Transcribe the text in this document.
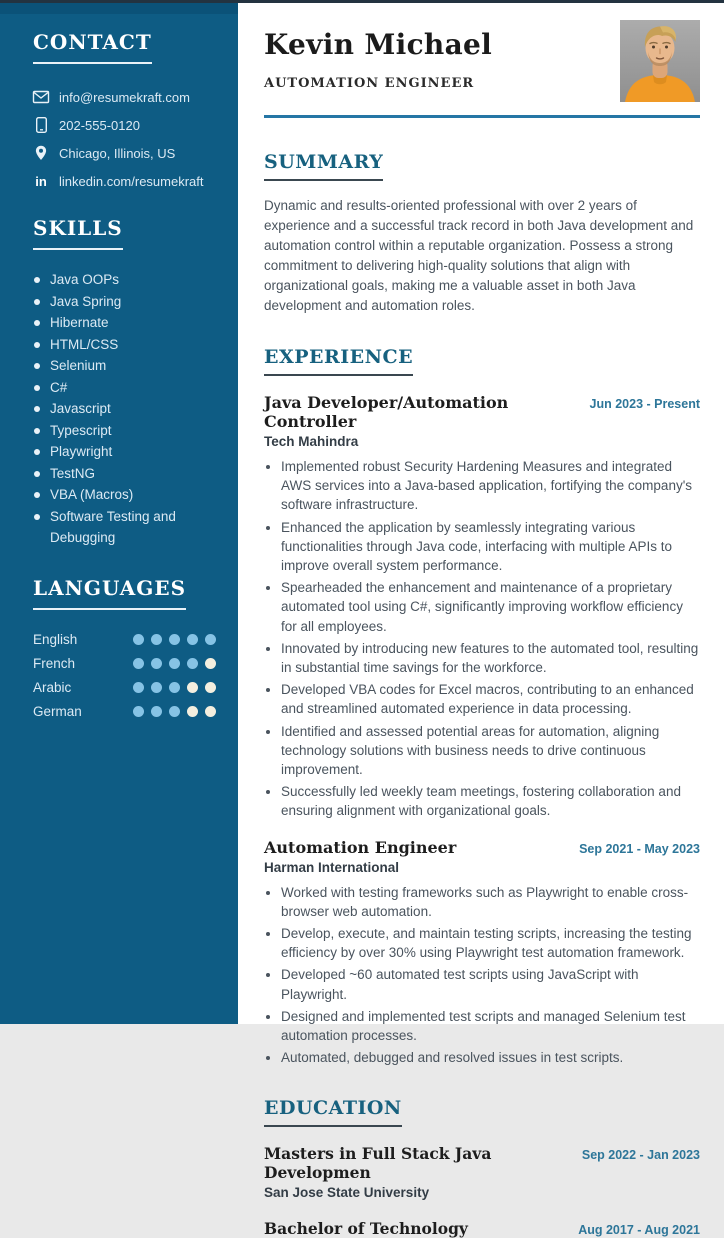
CONTACT
info@resumekraft.com
202-555-0120
Chicago, Illinois, US
in linkedin.com/resumekraft
SKILLS
Java OOPs
Java Spring
Hibernate
HTML/CSS
Selenium
C#
Javascript
Typescript
Playwright
TestNG
VBA (Macros)
Software Testing and Debugging
LANGUAGES
English
French
Arabic
German
Kevin Michael
AUTOMATION ENGINEER
SUMMARY

Dynamic and results-oriented professional with over 2 years of experience and a successful track record in both Java development and automation control within a reputable organization. Possess a strong commitment to delivering high-quality solutions that align with organizational goals, making me a valuable asset in both Java development and automation roles.

EXPERIENCE
Java Developer/Automation Controller
Jun 2023 - Present
Tech Mahindra
• Implemented robust Security Hardening Measures and integrated AWS services into a Java-based application, fortifying the company's software infrastructure.
• Enhanced the application by seamlessly integrating various functionalities through Java code, interfacing with multiple APIs to improve overall system performance.
• Spearheaded the enhancement and maintenance of a proprietary automated tool using C#, significantly improving workflow efficiency for all employees.
• Innovated by introducing new features to the automated tool, resulting in substantial time savings for the workforce.
• Developed VBA codes for Excel macros, contributing to an enhanced and streamlined automated experience in data processing.
• Identified and assessed potential areas for automation, aligning technology solutions with business needs to drive continuous improvement.
• Successfully led weekly team meetings, fostering collaboration and ensuring alignment with organizational goals.
Automation Engineer	Sep 2021 - May 2023
Harman International
• Worked with testing frameworks such as Playwright to enable cross-browser web automation.
• Develop, execute, and maintain testing scripts, increasing the testing efficiency by over 30% using Playwright test automation framework.
• Developed ~60 automated test scripts using JavaScript with Playwright.
• Designed and implemented test scripts and managed Selenium test automation processes.
• Automated, debugged and resolved issues in test scripts.
EDUCATION
Masters in Full Stack Java Developmen
Sep 2022 - Jan 2023
San Jose State University
Bachelor of Technology	Aug 2017 - Aug 2021
